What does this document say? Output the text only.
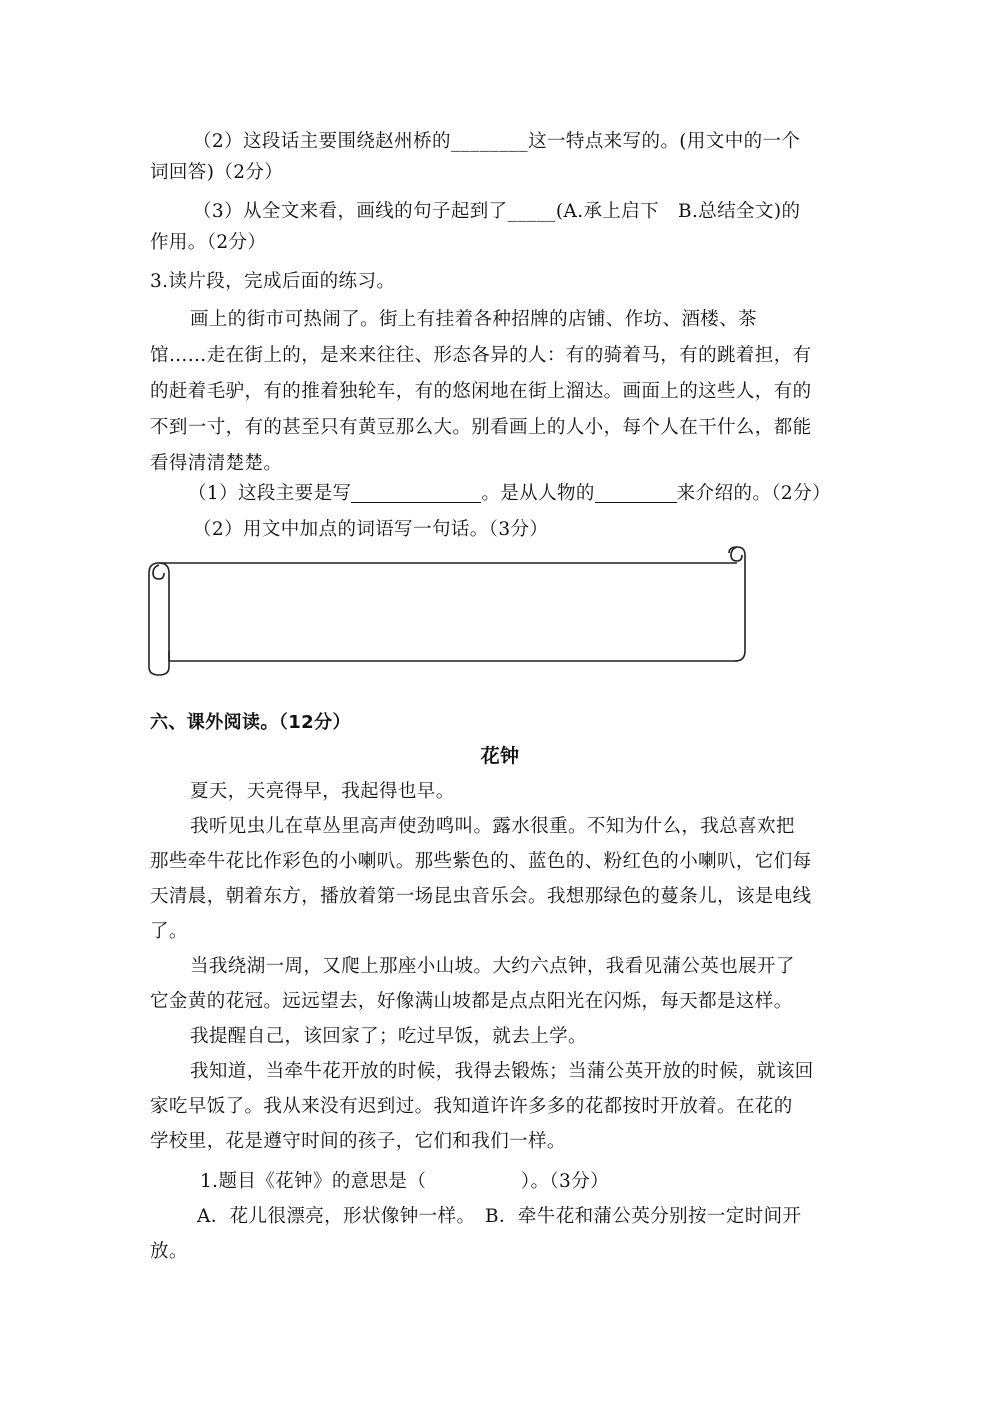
（2）这段话主要围绕赵州桥的________这一特点来写的。(用文中的一个

词回答)（2分）

（3）从全文来看，画线的句子起到了_____(A.承上启下　B.总结全文)的

作用。（2分）

3.读片段，完成后面的练习。

画上的街市可热闹了。街上有挂着各种招牌的店铺、作坊、酒楼、茶

馆……走在街上的，是来来往往、形态各异的人：有的骑着马，有的跳着担，有

的赶着毛驴，有的推着独轮车，有的悠闲地在街上溜达。画面上的这些人，有的

不到一寸，有的甚至只有黄豆那么大。别看画上的人小，每个人在干什么，都能

看得清清楚楚。

（1）这段主要是写	。是从人物的	来介绍的。（2分）

（2）用文中加点的词语写一句话。（3分）

六、课外阅读。（12分）

花钟

夏天，天亮得早，我起得也早。

我听见虫儿在草丛里高声使劲鸣叫。露水很重。不知为什么，我总喜欢把

那些牵牛花比作彩色的小喇叭。那些紫色的、蓝色的、粉红色的小喇叭，它们每

天清晨，朝着东方，播放着第一场昆虫音乐会。我想那绿色的蔓条儿，该是电线

了。

当我绕湖一周，又爬上那座小山坡。大约六点钟，我看见蒲公英也展开了

它金黄的花冠。远远望去，好像满山坡都是点点阳光在闪烁，每天都是这样。

我提醒自己，该回家了；吃过早饭，就去上学。

我知道，当牵牛花开放的时候，我得去锻炼；当蒲公英开放的时候，就该回

家吃早饭了。我从来没有迟到过。我知道许许多多的花都按时开放着。在花的

学校里，花是遵守时间的孩子，它们和我们一样。

1.题目《花钟》的意思是（　　　　　）。（3分）

A．花儿很漂亮，形状像钟一样。　B．牵牛花和蒲公英分别按一定时间开

放。
